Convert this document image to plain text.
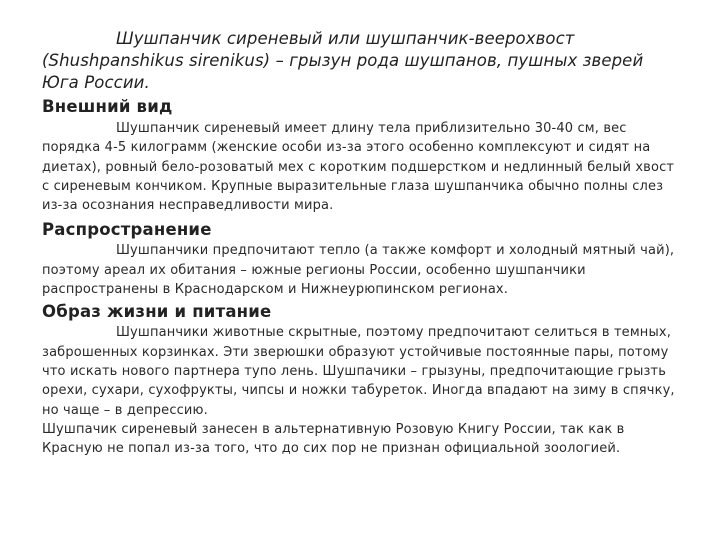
Шушпанчик сиреневый или шушпанчик-веерохвост (Shushpanshikus sirenikus) – грызун рода шушпанов, пушных зверей Юга России.

Внешний вид

Шушпанчик сиреневый имеет длину тела приблизительно 30-40 см, вес порядка 4-5 килограмм (женские особи из-за этого особенно комплексуют и сидят на диетах), ровный бело-розоватый мех с коротким подшерстком и недлинный белый хвост с сиреневым кончиком. Крупные выразительные глаза шушпанчика обычно полны слез из-за осознания несправедливости мира.

Распространение

Шушпанчики предпочитают тепло (а также комфорт и холодный мятный чай), поэтому ареал их обитания – южные регионы России, особенно шушпанчики распространены в Краснодарском и Нижнеурюпинском регионах.

Образ жизни и питание

Шушпанчики животные скрытные, поэтому предпочитают селиться в темных, заброшенных корзинках. Эти зверюшки образуют устойчивые постоянные пары, потому что искать нового партнера тупо лень. Шушпачики – грызуны, предпочитающие грызть орехи, сухари, сухофрукты, чипсы и ножки табуреток. Иногда впадают на зиму в спячку, но чаще – в депрессию.

Шушпачик сиреневый занесен в альтернативную Розовую Книгу России, так как в Красную не попал из-за того, что до сих пор не признан официальной зоологией.
